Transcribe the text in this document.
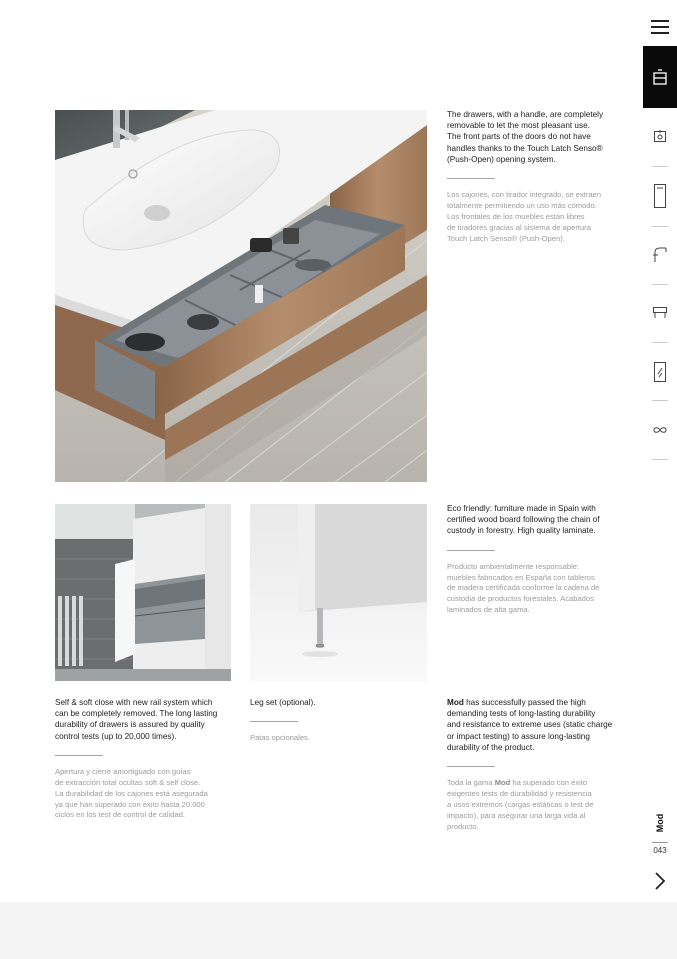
The drawers, with a handle, are completely
removable to let the most pleasant use.
The front parts of the doors do not have
handles thanks to the Touch Latch Senso®
(Push-Open) opening system.
Los cajones, con tirador integrado, se extraen
totalmente permitiendo un uso más cómodo.
Los frontales de los muebles están libres
de tiradores gracias al sistema de apertura
Touch Latch Senso® (Push-Open).
Eco friendly: furniture made in Spain with
certified wood board following the chain of
custody in forestry. High quality laminate.
Producto ambientalmente responsable:
muebles fabricados en España con tableros
de madera certificada conforme la cadena de
custodia de productos forestales. Acabados
laminados de alta gama.
Self & soft close with new rail system which
can be completely removed. The long lasting
durability of drawers is assured by quality
control tests (up to 20,000 times).
Apertura y cierre amortiguado con guías
de extracción total ocultas soft & self close.
La durabilidad de los cajones está asegurada
ya que han superado con éxito hasta 20.000
ciclos en los test de control de calidad.
Leg set (optional).
Patas opcionales.
Mod has successfully passed the high
demanding tests of long-lasting durability
and resistance to extreme uses (static charge
or impact testing) to assure long-lasting
durability of the product.
Toda la gama Mod ha superado con éxito
exigentes tests de durabilidad y resistencia
a usos extremos (cargas estáticas o test de
impacto), para asegurar una larga vida al
producto.	Mod
043
